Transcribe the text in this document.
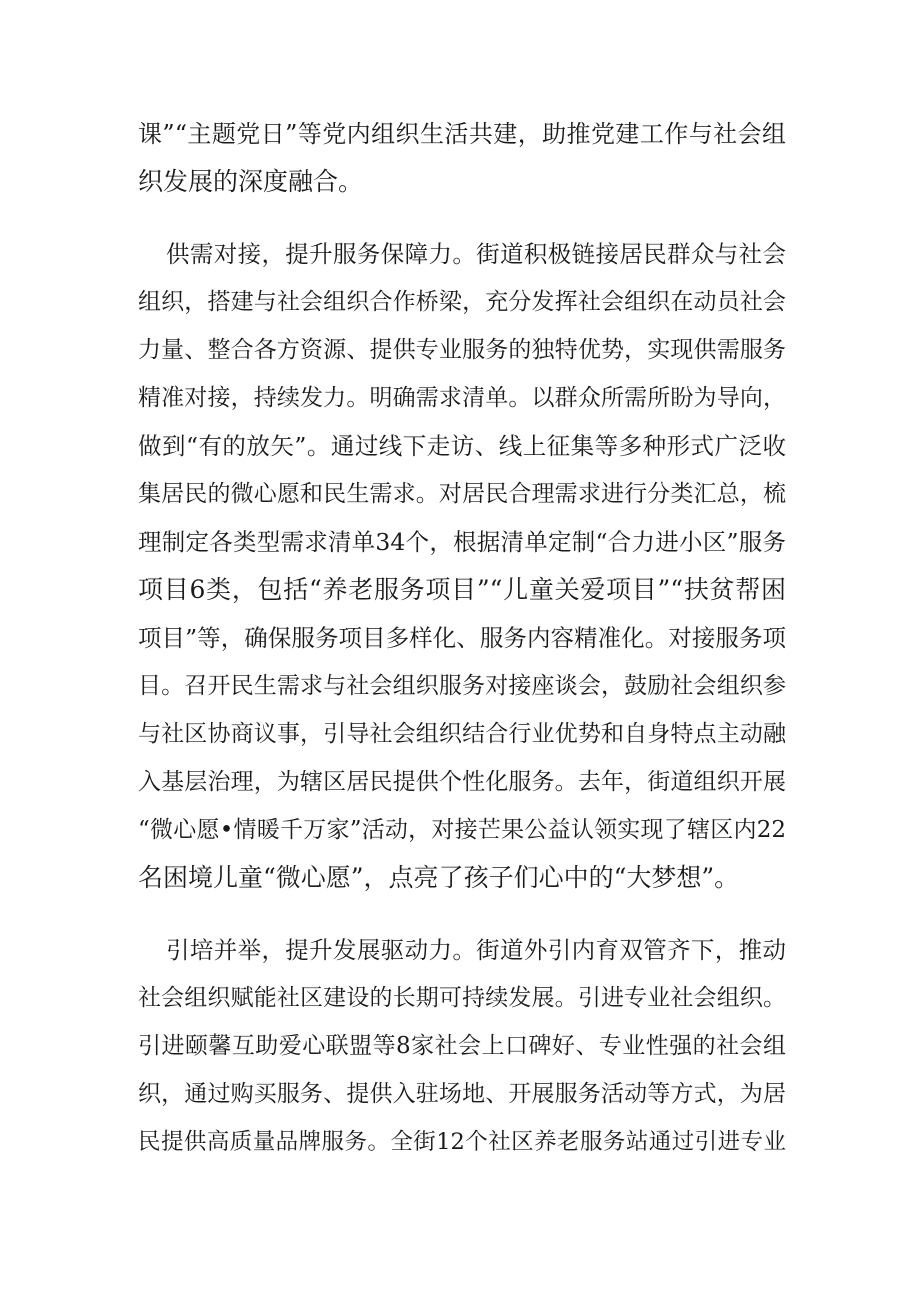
课”“主题党日”等党内组织生活共建，助推党建工作与社会组
织发展的深度融合。
供需对接，提升服务保障力。街道积极链接居民群众与社会
组织，搭建与社会组织合作桥梁，充分发挥社会组织在动员社会
力量、整合各方资源、提供专业服务的独特优势，实现供需服务
精准对接，持续发力。明确需求清单。以群众所需所盼为导向，
做到“有的放矢”。通过线下走访、线上征集等多种形式广泛收
集居民的微心愿和民生需求。对居民合理需求进行分类汇总，梳
理制定各类型需求清单34个，根据清单定制“合力进小区”服务
项目6类，包括“养老服务项目”“儿童关爱项目”“扶贫帮困
项目”等，确保服务项目多样化、服务内容精准化。对接服务项
目。召开民生需求与社会组织服务对接座谈会，鼓励社会组织参
与社区协商议事，引导社会组织结合行业优势和自身特点主动融
入基层治理，为辖区居民提供个性化服务。去年，街道组织开展
“微心愿•情暖千万家”活动，对接芒果公益认领实现了辖区内22
名困境儿童“微心愿”，点亮了孩子们心中的“大梦想”。
引培并举，提升发展驱动力。街道外引内育双管齐下，推动
社会组织赋能社区建设的长期可持续发展。引进专业社会组织。
引进颐馨互助爱心联盟等8家社会上口碑好、专业性强的社会组
织，通过购买服务、提供入驻场地、开展服务活动等方式，为居
民提供高质量品牌服务。全街12个社区养老服务站通过引进专业
